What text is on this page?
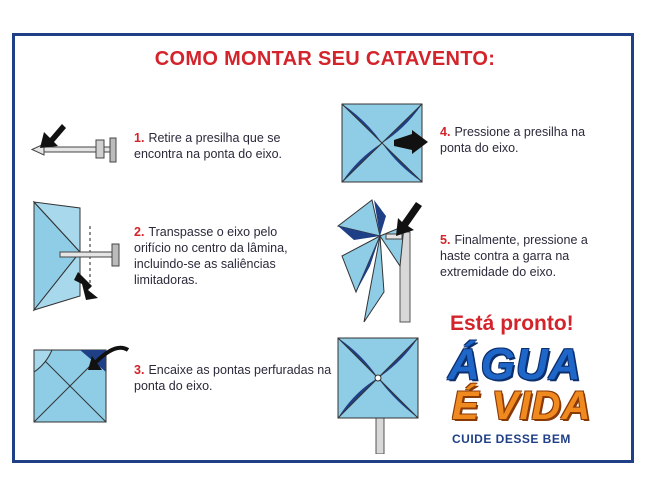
COMO MONTAR SEU CATAVENTO:
1. Retire a presilha que se encontra na ponta do eixo.
2. Transpasse o eixo pelo orifício no centro da lâmina, incluindo-se as saliências limitadoras.
3. Encaixe as pontas perfuradas na ponta do eixo.
4. Pressione a presilha na ponta do eixo.
5. Finalmente, pressione a haste contra a garra na extremidade do eixo.
Está pronto!
ÁGUA
É VIDA
CUIDE DESSE BEM
